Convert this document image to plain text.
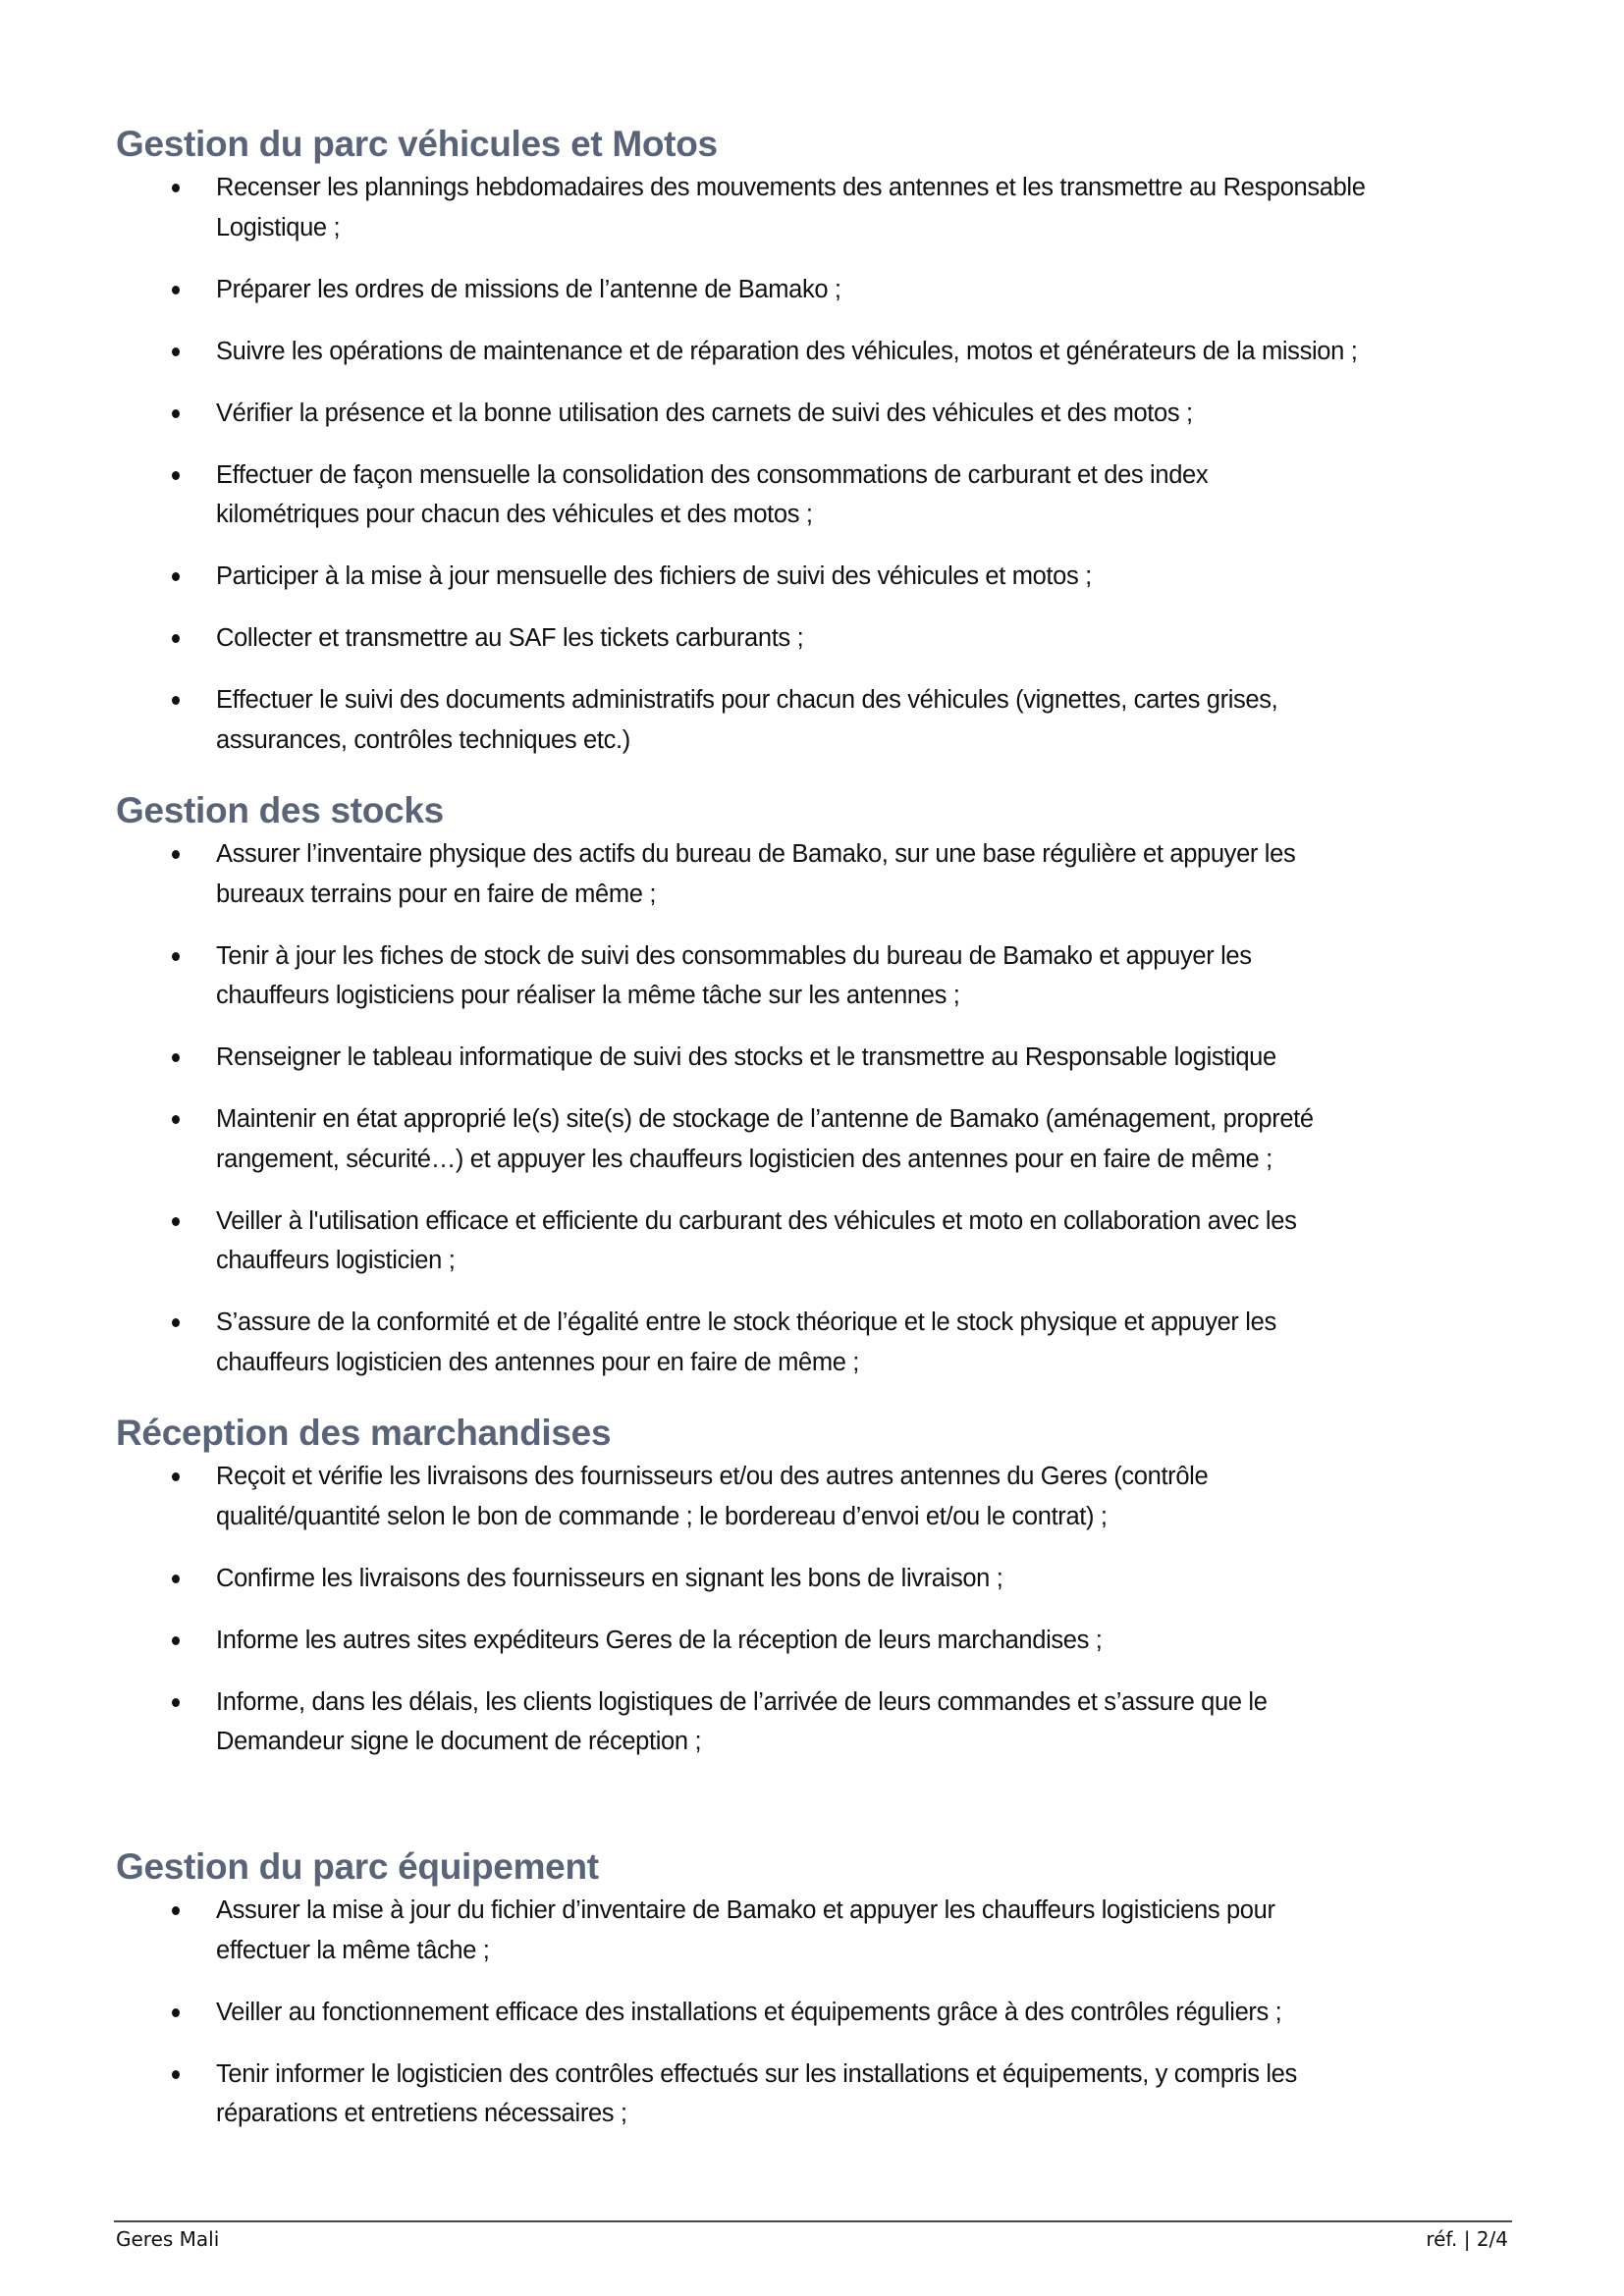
Gestion du parc véhicules et Motos
Recenser les plannings hebdomadaires des mouvements des antennes et les transmettre au Responsable
Logistique ;
Préparer les ordres de missions de l’antenne de Bamako ;
Suivre les opérations de maintenance et de réparation des véhicules, motos et générateurs de la mission ;
Vérifier la présence et la bonne utilisation des carnets de suivi des véhicules et des motos ;
Effectuer de façon mensuelle la consolidation des consommations de carburant et des index
kilométriques pour chacun des véhicules et des motos ;
Participer à la mise à jour mensuelle des fichiers de suivi des véhicules et motos ;
Collecter et transmettre au SAF les tickets carburants ;
Effectuer le suivi des documents administratifs pour chacun des véhicules (vignettes, cartes grises,
assurances, contrôles techniques etc.)
Gestion des stocks
Assurer l’inventaire physique des actifs du bureau de Bamako, sur une base régulière et appuyer les
bureaux terrains pour en faire de même ;
Tenir à jour les fiches de stock de suivi des consommables du bureau de Bamako et appuyer les
chauffeurs logisticiens pour réaliser la même tâche sur les antennes ;
Renseigner le tableau informatique de suivi des stocks et le transmettre au Responsable logistique
Maintenir en état approprié le(s) site(s) de stockage de l’antenne de Bamako (aménagement, propreté
rangement, sécurité…) et appuyer les chauffeurs logisticien des antennes pour en faire de même ;
Veiller à l'utilisation efficace et efficiente du carburant des véhicules et moto en collaboration avec les
chauffeurs logisticien ;
S’assure de la conformité et de l’égalité entre le stock théorique et le stock physique et appuyer les
chauffeurs logisticien des antennes pour en faire de même ;
Réception des marchandises
Reçoit et vérifie les livraisons des fournisseurs et/ou des autres antennes du Geres (contrôle
qualité/quantité selon le bon de commande ; le bordereau d’envoi et/ou le contrat) ;
Confirme les livraisons des fournisseurs en signant les bons de livraison ;
Informe les autres sites expéditeurs Geres de la réception de leurs marchandises ;
Informe, dans les délais, les clients logistiques de l’arrivée de leurs commandes et s’assure que le
Demandeur signe le document de réception ;
Gestion du parc équipement
Assurer la mise à jour du fichier d’inventaire de Bamako et appuyer les chauffeurs logisticiens pour
effectuer la même tâche ;
Veiller au fonctionnement efficace des installations et équipements grâce à des contrôles réguliers ;
Tenir informer le logisticien des contrôles effectués sur les installations et équipements, y compris les
réparations et entretiens nécessaires ;
Geres Mali	réf. | 2/4
